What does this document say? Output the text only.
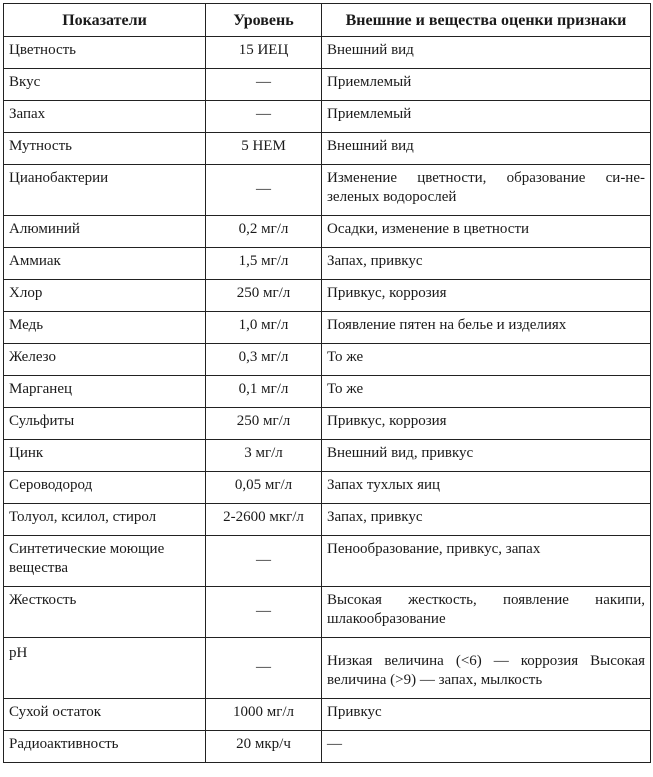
Показатели	Уровень	Внешние и вещества оценки признаки
Цветность	15 ИЕЦ	Внешний вид
Вкус	—	Приемлемый
Запах	—	Приемлемый
Мутность	5 НЕМ	Внешний вид
Цианобактерии	—	Изменение цветности, образование си-не-зеленых водорослей
Алюминий	0,2 мг/л	Осадки, изменение в цветности
Аммиак	1,5 мг/л	Запах, привкус
Хлор	250 мг/л	Привкус, коррозия
Медь	1,0 мг/л	Появление пятен на белье и изделиях
Железо	0,3 мг/л	То же
Марганец	0,1 мг/л	То же
Сульфиты	250 мг/л	Привкус, коррозия
Цинк	3 мг/л	Внешний вид, привкус
Сероводород	0,05 мг/л	Запах тухлых яиц
Толуол, ксилол, стирол	2-2600 мкг/л	Запах, привкус
Синтетические моющие вещества	—	Пенообразование, привкус, запах
Жесткость	—	Высокая жесткость, появление накипи, шлакообразование
pH	—	Низкая величина (<6) — коррозия Высокая величина (>9) — запах, мылкость
Сухой остаток	1000 мг/л	Привкус
Радиоактивность	20 мкр/ч	—
